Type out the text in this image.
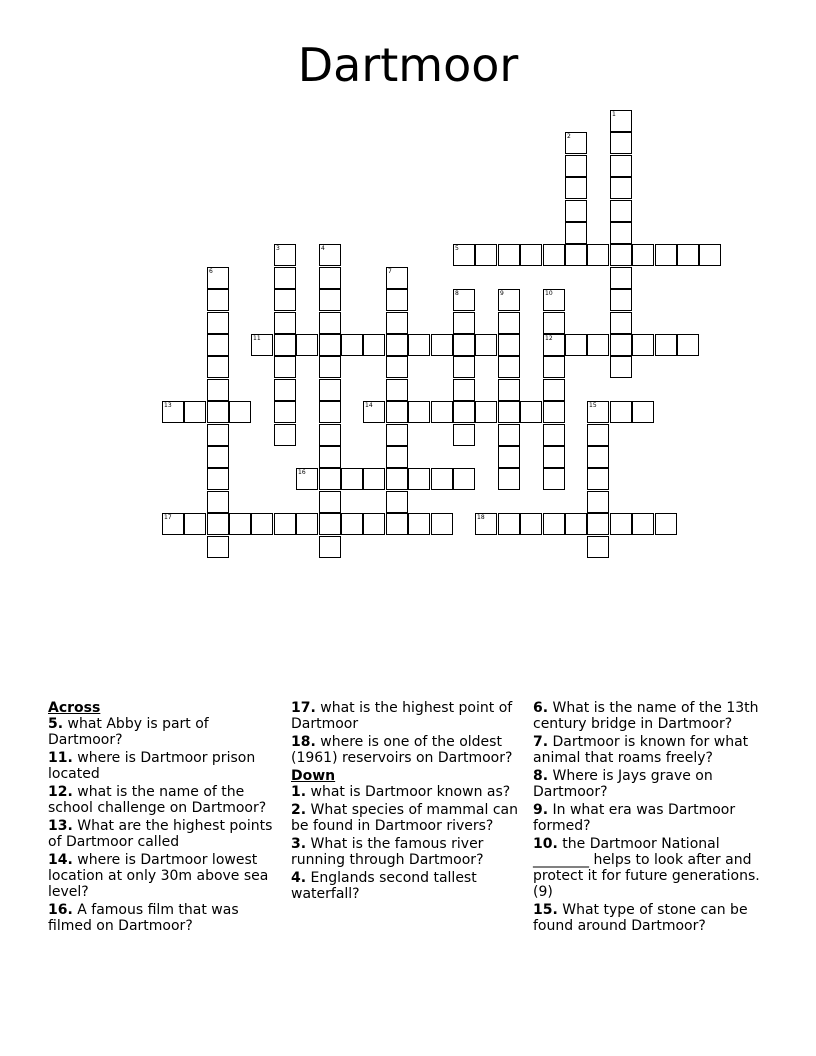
Dartmoor
1
2
3	4	5
6	7
8	9	10
12
11
13	14	15
16
17	18
Across
5. what Abby is part of Dartmoor?
11. where is Dartmoor prison located
12. what is the name of the school challenge on Dartmoor?
13. What are the highest points of Dartmoor called
14. where is Dartmoor lowest location at only 30m above sea level?
16. A famous film that was filmed on Dartmoor?
17. what is the highest point of Dartmoor
18. where is one of the oldest (1961) reservoirs on Dartmoor?
Down
1. what is Dartmoor known as?
2. What species of mammal can be found in Dartmoor rivers?
3. What is the famous river running through Dartmoor?
4. Englands second tallest waterfall?
6. What is the name of the 13th century bridge in Dartmoor?
7. Dartmoor is known for what animal that roams freely?
8. Where is Jays grave on Dartmoor?
9. In what era was Dartmoor formed?
10. the Dartmoor National ________ helps to look after and protect it for future generations. (9)
15. What type of stone can be found around Dartmoor?
